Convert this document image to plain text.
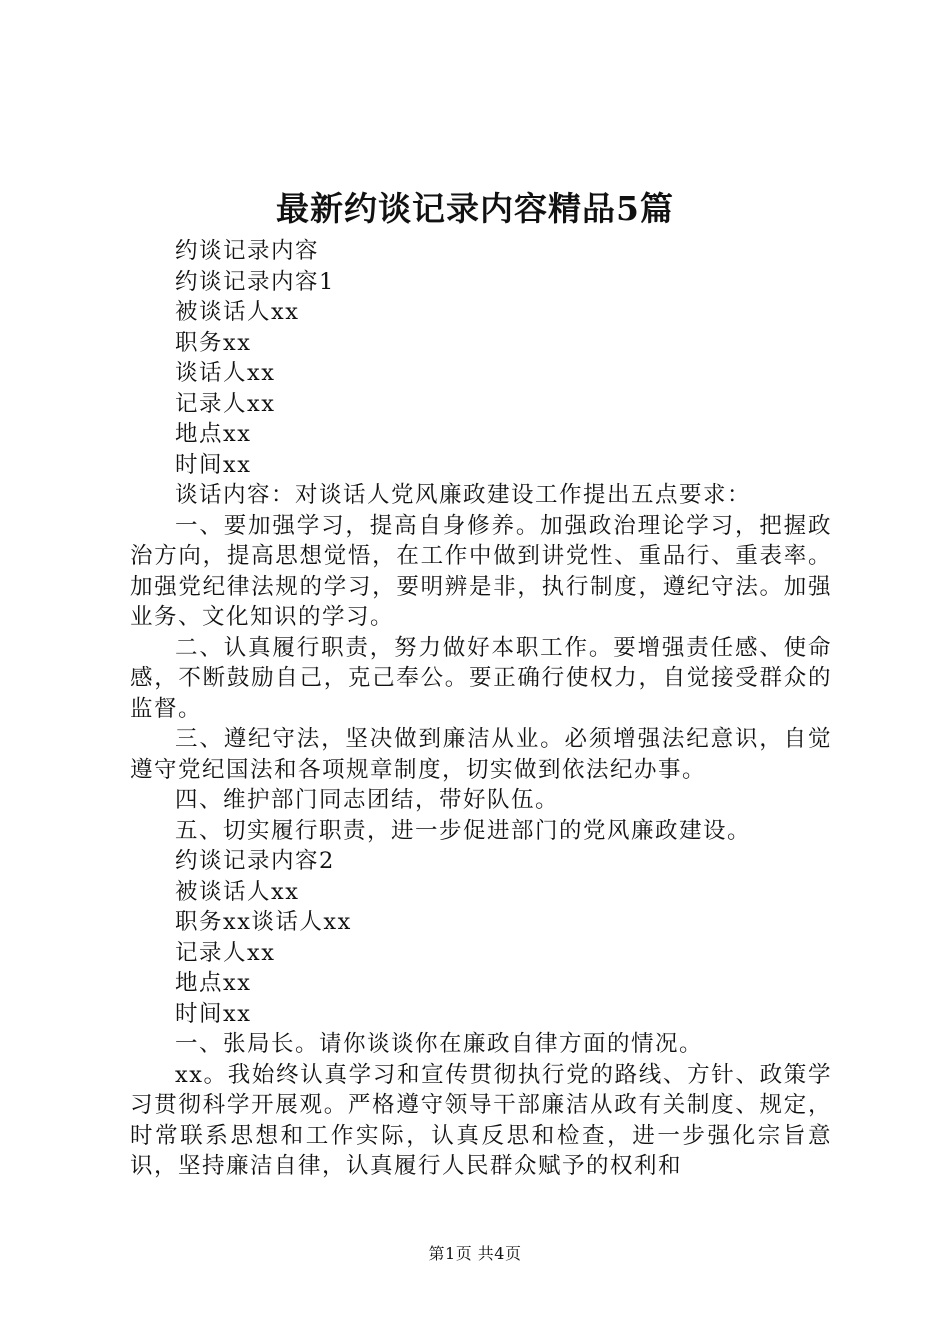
最新约谈记录内容精品5篇

约谈记录内容

约谈记录内容1

被谈话人xx

职务xx

谈话人xx

记录人xx

地点xx

时间xx

谈话内容：对谈话人党风廉政建设工作提出五点要求：

一、要加强学习，提高自身修养。加强政治理论学习，把握政治方向，提高思想觉悟，在工作中做到讲党性、重品行、重表率。加强党纪律法规的学习，要明辨是非，执行制度，遵纪守法。加强业务、文化知识的学习。

二、认真履行职责，努力做好本职工作。要增强责任感、使命感，不断鼓励自己，克己奉公。要正确行使权力，自觉接受群众的监督。

三、遵纪守法，坚决做到廉洁从业。必须增强法纪意识，自觉遵守党纪国法和各项规章制度，切实做到依法纪办事。

四、维护部门同志团结，带好队伍。

五、切实履行职责，进一步促进部门的党风廉政建设。

约谈记录内容2

被谈话人xx

职务xx谈话人xx

记录人xx

地点xx

时间xx

一、张局长。请你谈谈你在廉政自律方面的情况。

xx。我始终认真学习和宣传贯彻执行党的路线、方针、政策学习贯彻科学开展观。严格遵守领导干部廉洁从政有关制度、规定，时常联系思想和工作实际，认真反思和检查，进一步强化宗旨意识，坚持廉洁自律，认真履行人民群众赋予的权利和

第1页 共4页
